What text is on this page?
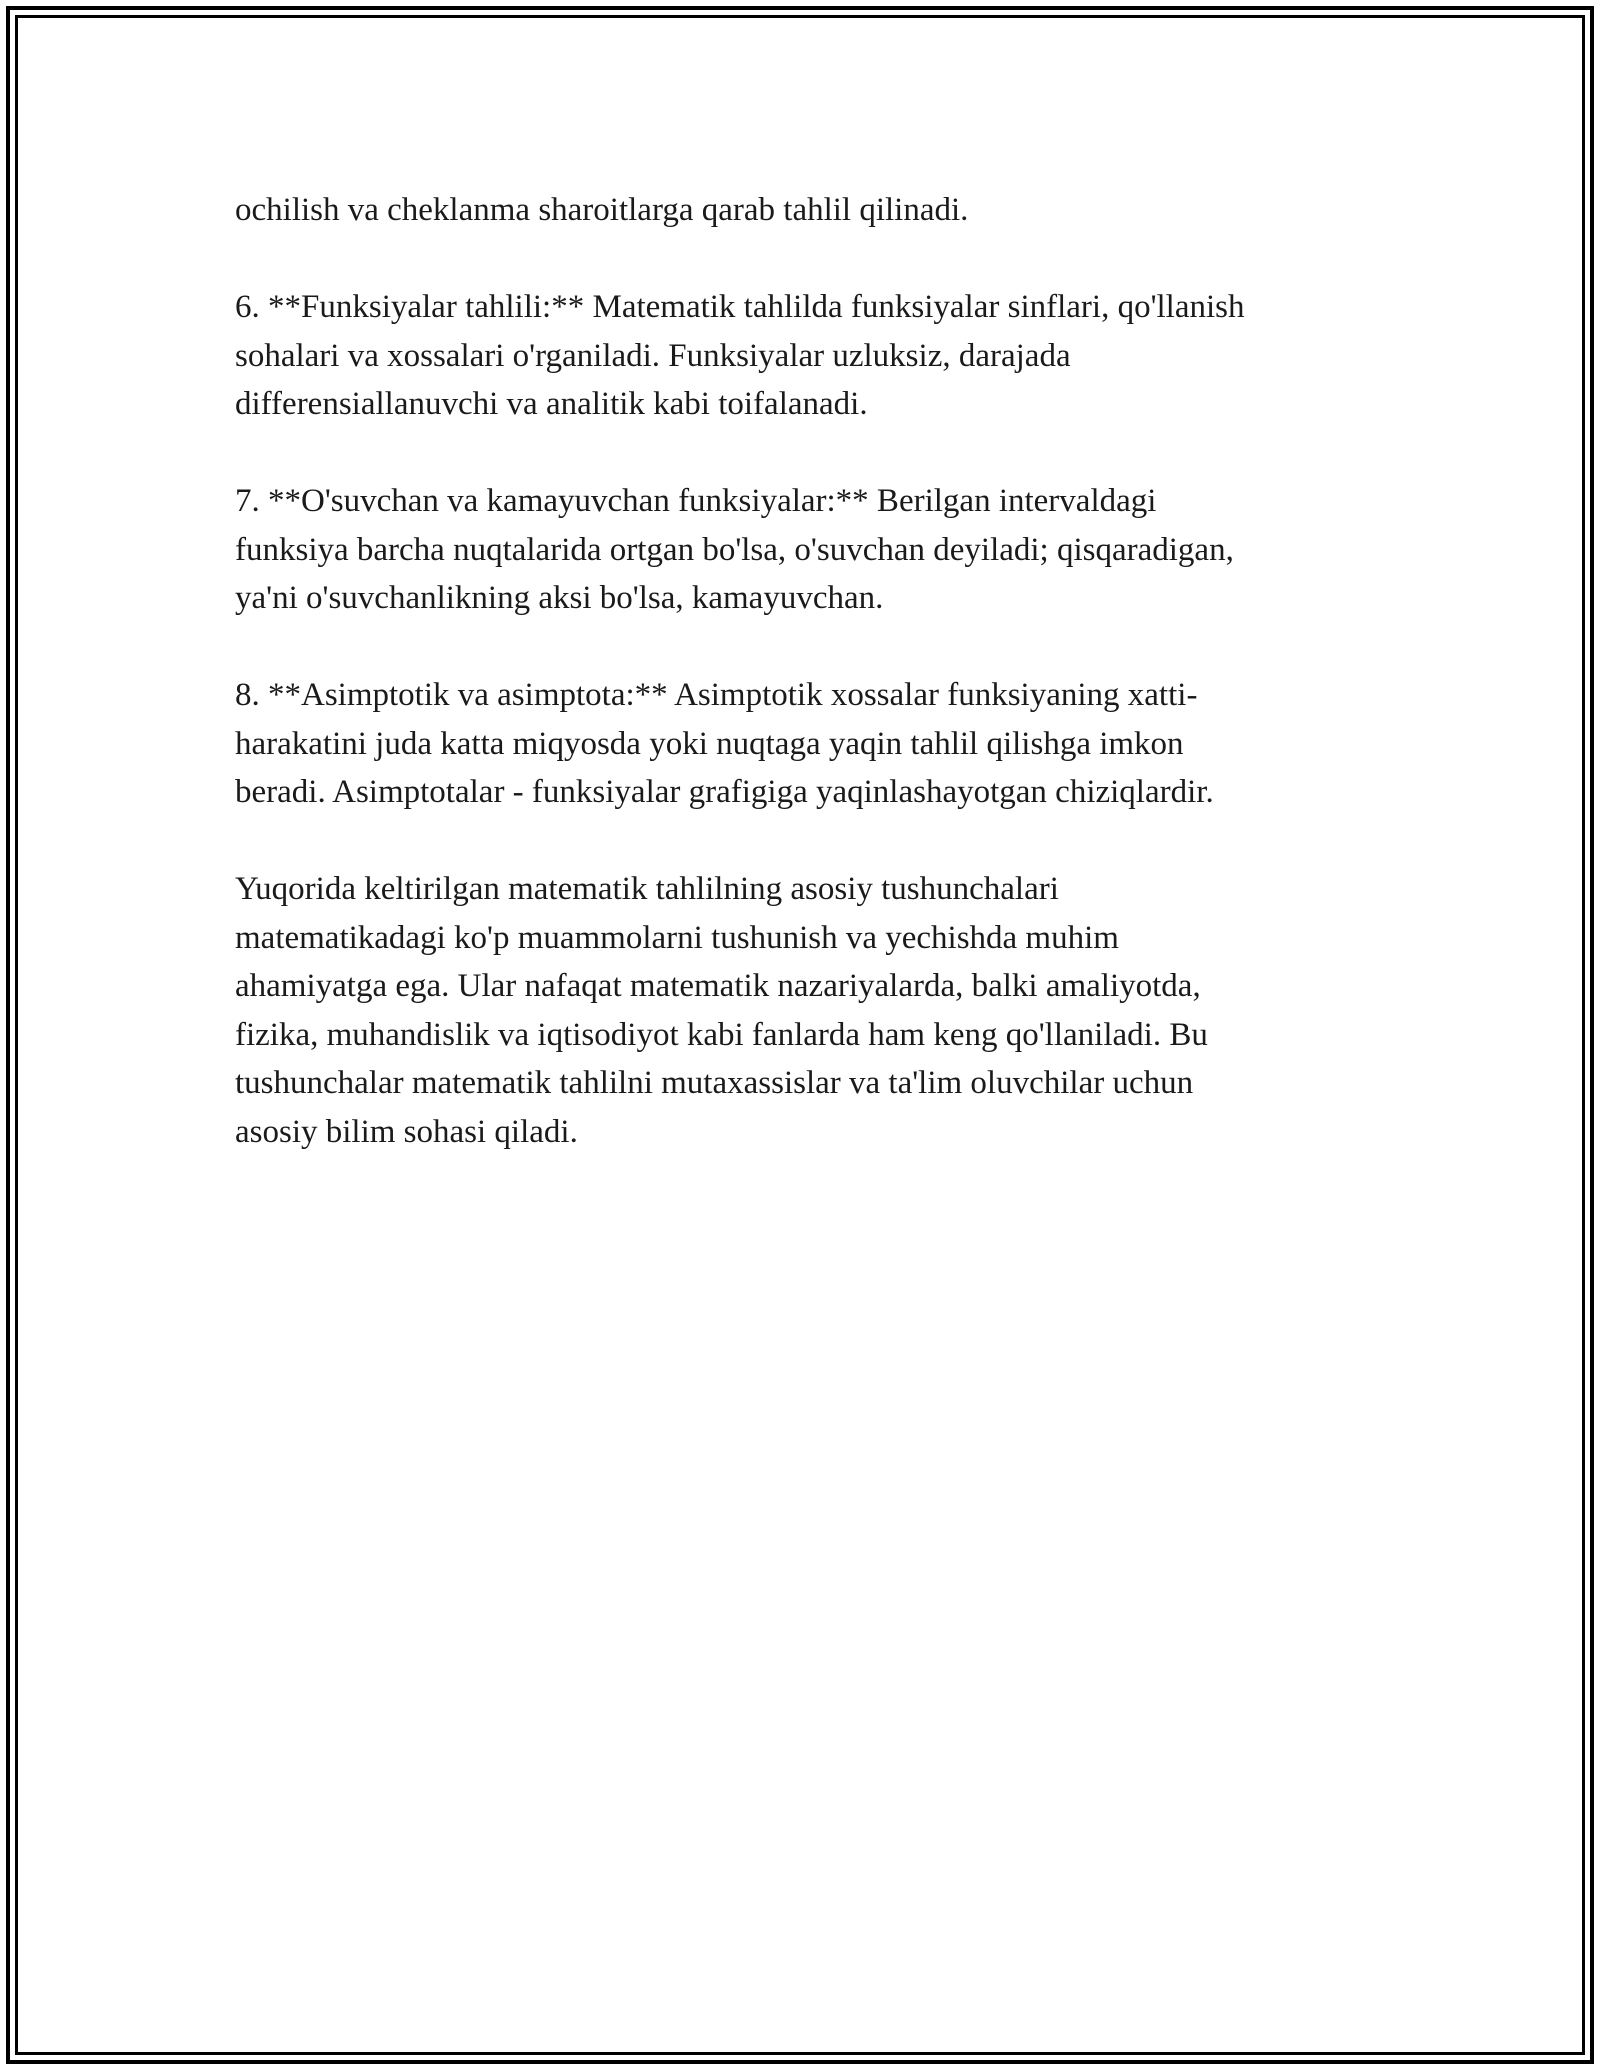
ochilish va cheklanma sharoitlarga qarab tahlil qilinadi.

6. **Funksiyalar tahlili:** Matematik tahlilda funksiyalar sinflari, qo'llanish
sohalari va xossalari o'rganiladi. Funksiyalar uzluksiz, darajada
differensiallanuvchi va analitik kabi toifalanadi.

7. **O'suvchan va kamayuvchan funksiyalar:** Berilgan intervaldagi
funksiya barcha nuqtalarida ortgan bo'lsa, o'suvchan deyiladi; qisqaradigan,
ya'ni o'suvchanlikning aksi bo'lsa, kamayuvchan.

8. **Asimptotik va asimptota:** Asimptotik xossalar funksiyaning xatti-
harakatini juda katta miqyosda yoki nuqtaga yaqin tahlil qilishga imkon
beradi. Asimptotalar - funksiyalar grafigiga yaqinlashayotgan chiziqlardir.

Yuqorida keltirilgan matematik tahlilning asosiy tushunchalari
matematikadagi ko'p muammolarni tushunish va yechishda muhim
ahamiyatga ega. Ular nafaqat matematik nazariyalarda, balki amaliyotda,
fizika, muhandislik va iqtisodiyot kabi fanlarda ham keng qo'llaniladi. Bu
tushunchalar matematik tahlilni mutaxassislar va ta'lim oluvchilar uchun
asosiy bilim sohasi qiladi.
